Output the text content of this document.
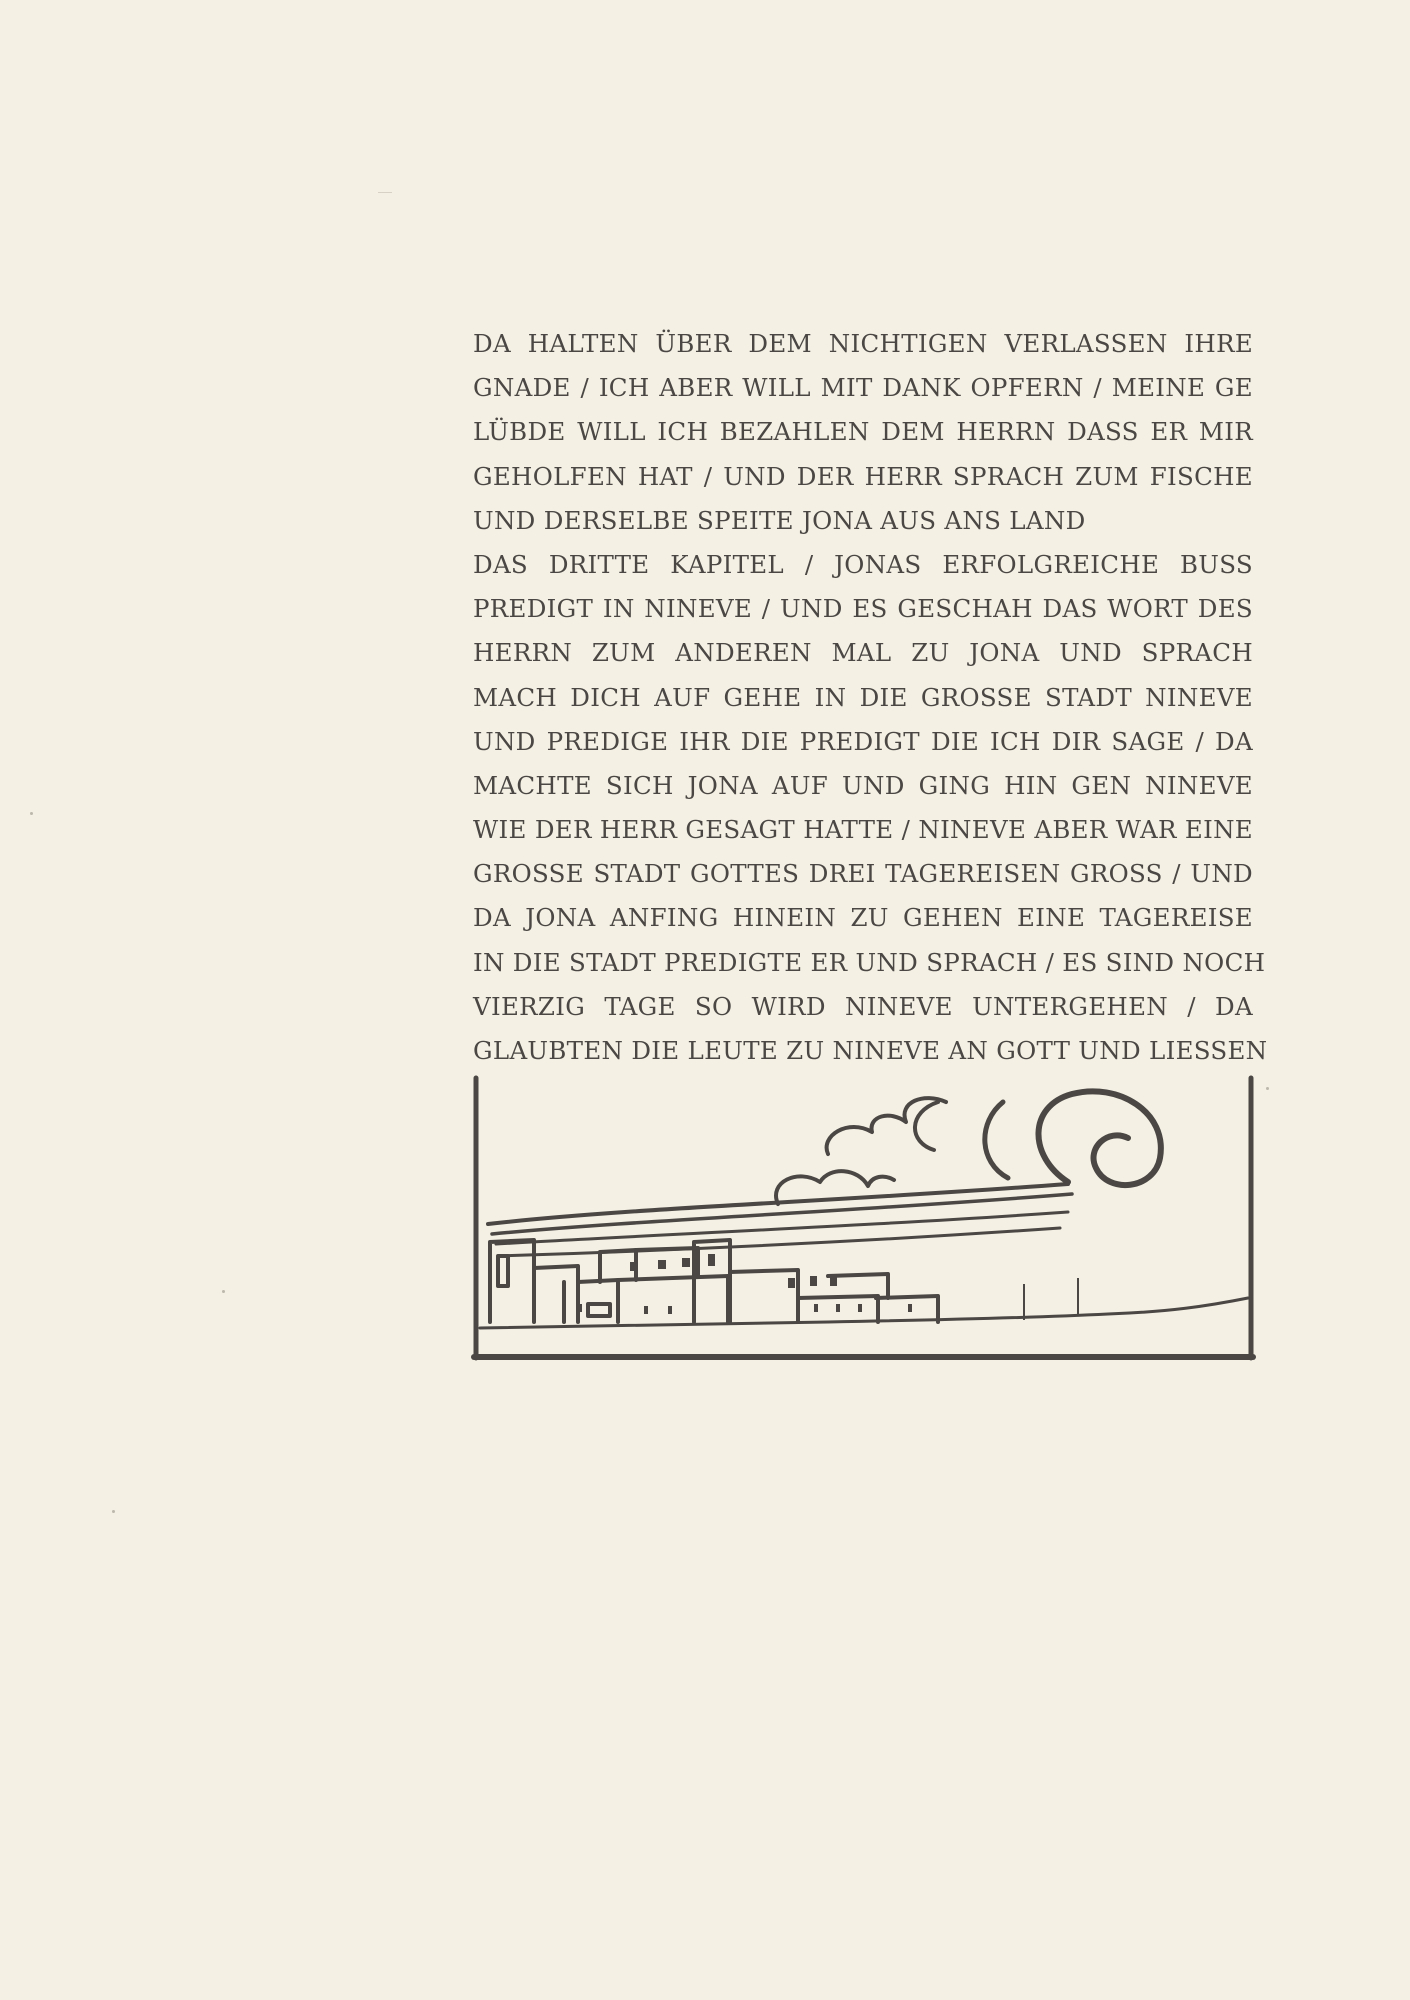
DA HALTEN ÜBER DEM NICHTIGEN VERLASSEN IHRE
GNADE / ICH ABER WILL MIT DANK OPFERN / MEINE GE
LÜBDE WILL ICH BEZAHLEN DEM HERRN DASS ER MIR
GEHOLFEN HAT / UND DER HERR SPRACH ZUM FISCHE
UND DERSELBE SPEITE JONA AUS ANS LAND
DAS DRITTE KAPITEL / JONAS ERFOLGREICHE BUSS
PREDIGT IN NINEVE / UND ES GESCHAH DAS WORT DES
HERRN ZUM ANDEREN MAL ZU JONA UND SPRACH
MACH DICH AUF GEHE IN DIE GROSSE STADT NINEVE
UND PREDIGE IHR DIE PREDIGT DIE ICH DIR SAGE / DA
MACHTE SICH JONA AUF UND GING HIN GEN NINEVE
WIE DER HERR GESAGT HATTE / NINEVE ABER WAR EINE
GROSSE STADT GOTTES DREI TAGEREISEN GROSS / UND
DA JONA ANFING HINEIN ZU GEHEN EINE TAGEREISE
IN DIE STADT PREDIGTE ER UND SPRACH / ES SIND NOCH
VIERZIG TAGE SO WIRD NINEVE UNTERGEHEN / DA
GLAUBTEN DIE LEUTE ZU NINEVE AN GOTT UND LIESSEN
